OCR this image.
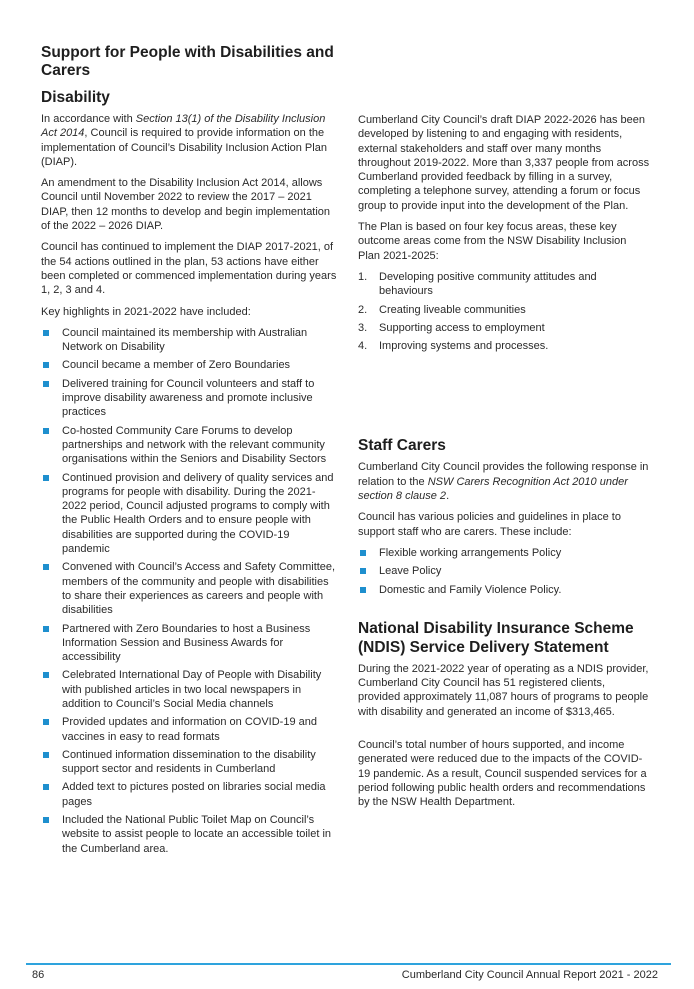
Support for People with Disabilities and Carers
Disability

In accordance with Section 13(1) of the Disability Inclusion Act 2014, Council is required to provide information on the implementation of Council’s Disability Inclusion Action Plan (DIAP).

An amendment to the Disability Inclusion Act 2014, allows Council until November 2022 to review the 2017 – 2021 DIAP, then 12 months to develop and begin implementation of the 2022 – 2026 DIAP.

Council has continued to implement the DIAP 2017-2021, of the 54 actions outlined in the plan, 53 actions have either been completed or commenced implementation during years 1, 2, 3 and 4.

Key highlights in 2021-2022 have included:

Council maintained its membership with Australian Network on Disability
Council became a member of Zero Boundaries
Delivered training for Council volunteers and staff to improve disability awareness and promote inclusive practices
Co-hosted Community Care Forums to develop partnerships and network with the relevant community organisations within the Seniors and Disability Sectors
Continued provision and delivery of quality services and programs for people with disability. During the 2021-2022 period, Council adjusted programs to comply with the Public Health Orders and to ensure people with disabilities are supported during the COVID-19 pandemic
Convened with Council’s Access and Safety Committee, members of the community and people with disabilities to share their experiences as careers and people with disabilities
Partnered with Zero Boundaries to host a Business Information Session and Business Awards for accessibility
Celebrated International Day of People with Disability with published articles in two local newspapers in addition to Council’s Social Media channels
Provided updates and information on COVID-19 and vaccines in easy to read formats
Continued information dissemination to the disability support sector and residents in Cumberland
Added text to pictures posted on libraries social media pages
Included the National Public Toilet Map on Council’s website to assist people to locate an accessible toilet in the Cumberland area.

Cumberland City Council’s draft DIAP 2022-2026 has been developed by listening to and engaging with residents, external stakeholders and staff over many months throughout 2019-2022. More than 3,337 people from across Cumberland provided feedback by filling in a survey, completing a telephone survey, attending a forum or focus group to provide input into the development of the Plan.

The Plan is based on four key focus areas, these key outcome areas come from the NSW Disability Inclusion Plan 2021-2025:

1. Developing positive community attitudes and behaviours
2. Creating liveable communities
3. Supporting access to employment
4. Improving systems and processes.
Staff Carers

Cumberland City Council provides the following response in relation to the NSW Carers Recognition Act 2010 under section 8 clause 2.

Council has various policies and guidelines in place to support staff who are carers. These include:

Flexible working arrangements Policy
Leave Policy
Domestic and Family Violence Policy.
National Disability Insurance Scheme (NDIS) Service Delivery Statement

During the 2021-2022 year of operating as a NDIS provider, Cumberland City Council has 51 registered clients, provided approximately 11,087 hours of programs to people with disability and generated an income of $313,465.

Council’s total number of hours supported, and income generated were reduced due to the impacts of the COVID-19 pandemic. As a result, Council suspended services for a period following public health orders and recommendations by the NSW Health Department.

86	Cumberland City Council Annual Report 2021 - 2022
